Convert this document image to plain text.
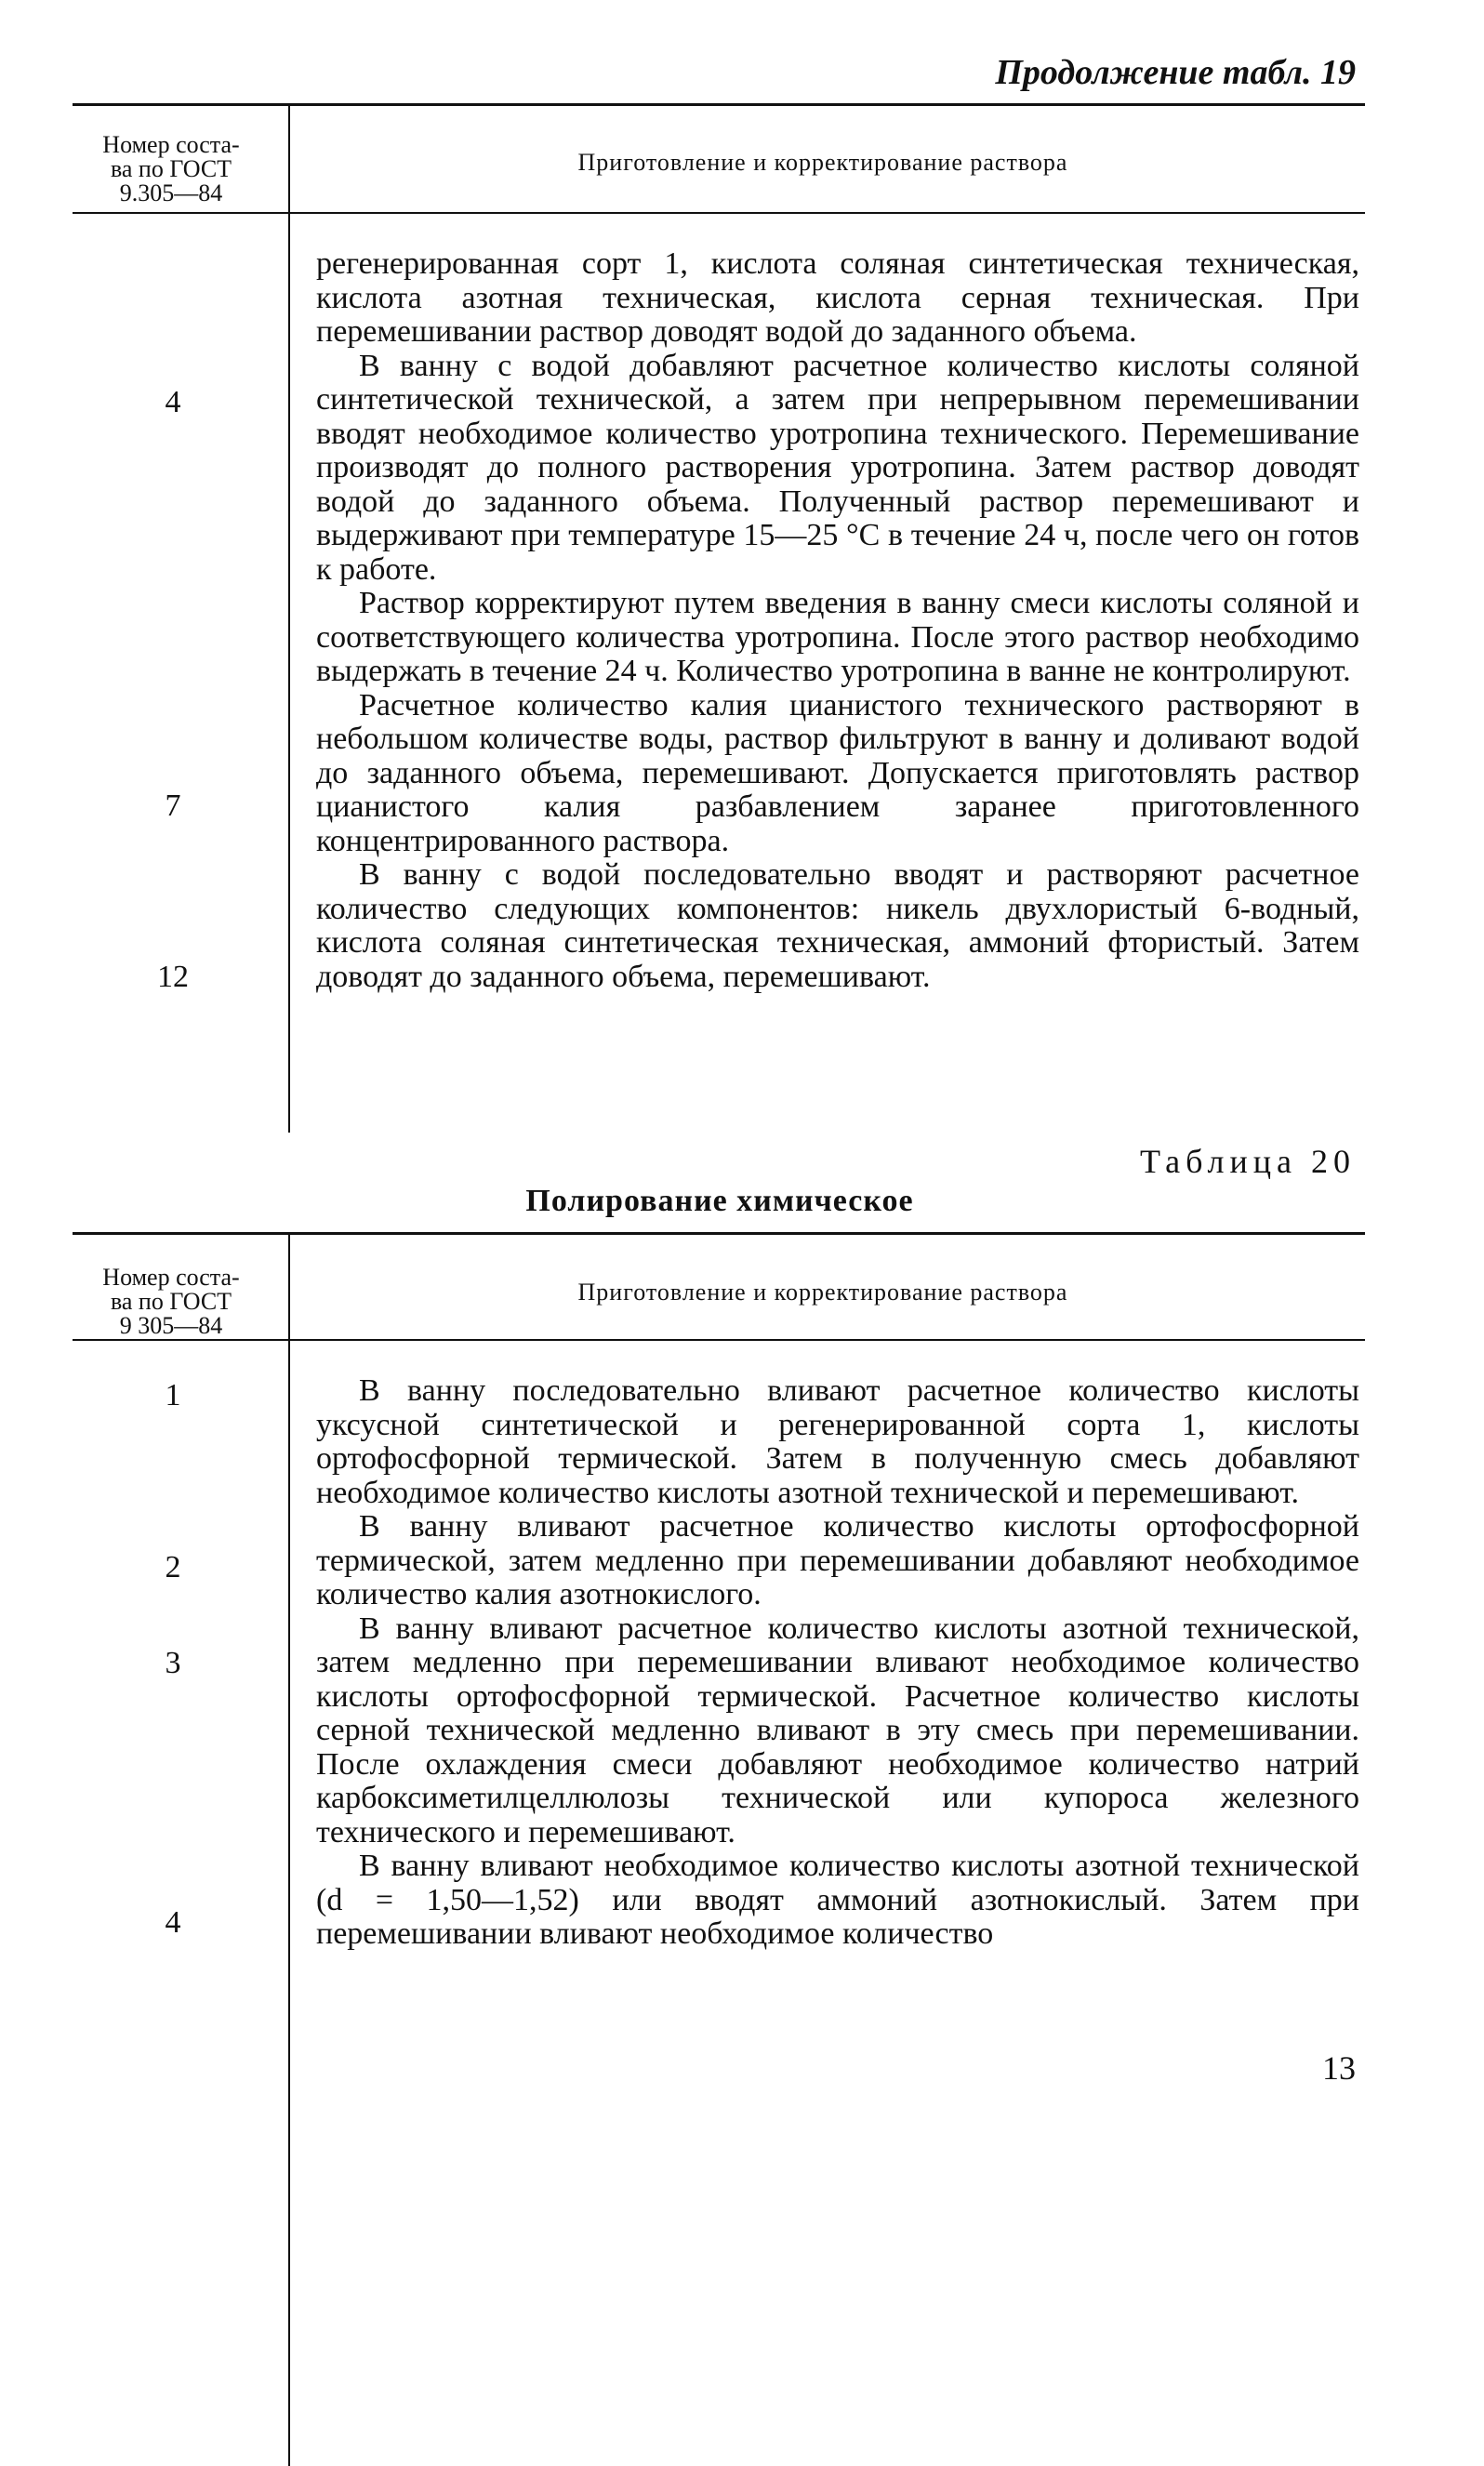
Продолжение табл. 19
Номер соста-
ва по ГОСТ
9.305—84
Приготовление и корректирование раствора
4
7
12

регенерированная сорт 1, кислота соляная синтетическая техническая, кислота азотная техническая, кислота серная техническая. При перемешивании раствор доводят водой до заданного объема.

В ванну с водой добавляют расчетное количество кислоты соляной синтетической технической, а затем при непрерывном перемешивании вводят необходимое количество уротропина технического. Перемешивание производят до полного растворения уротропина. Затем раствор доводят водой до заданного объема. Полученный раствор перемешивают и выдерживают при температуре 15—25 °С в течение 24 ч, после чего он готов к работе.

Раствор корректируют путем введения в ванну смеси кислоты соляной и соответствующего количества уротропина. После этого раствор необходимо выдержать в течение 24 ч. Количество уротропина в ванне не контролируют.

Расчетное количество калия цианистого технического растворяют в небольшом количестве воды, раствор фильтруют в ванну и доливают водой до заданного объема, перемешивают. Допускается приготовлять раствор цианистого калия разбавлением заранее приготовленного концентрированного раствора.

В ванну с водой последовательно вводят и растворяют расчетное количество следующих компонентов: никель двухлористый 6-водный, кислота соляная синтетическая техническая, аммоний фтористый. Затем доводят до заданного объема, перемешивают.

Таблица 20
Полирование химическое
Номер соста-
ва по ГОСТ
9 305—84
Приготовление и корректирование раствора
1
2
3
4

В ванну последовательно вливают расчетное количество кислоты уксусной синтетической и регенерированной сорта 1, кислоты ортофосфорной термической. Затем в полученную смесь добавляют необходимое количество кислоты азотной технической и перемешивают.

В ванну вливают расчетное количество кислоты ортофосфорной термической, затем медленно при перемешивании добавляют необходимое количество калия азотнокислого.

В ванну вливают расчетное количество кислоты азотной технической, затем медленно при перемешивании вливают необходимое количество кислоты ортофосфорной термической. Расчетное количество кислоты серной технической медленно вливают в эту смесь при перемешивании. После охлаждения смеси добавляют необходимое количество натрий карбоксиметилцеллюлозы технической или купороса железного технического и перемешивают.

В ванну вливают необходимое количество кислоты азотной технической (d = 1,50—1,52) или вводят аммоний азотнокислый. Затем при перемешивании вливают необходимое количество

13
